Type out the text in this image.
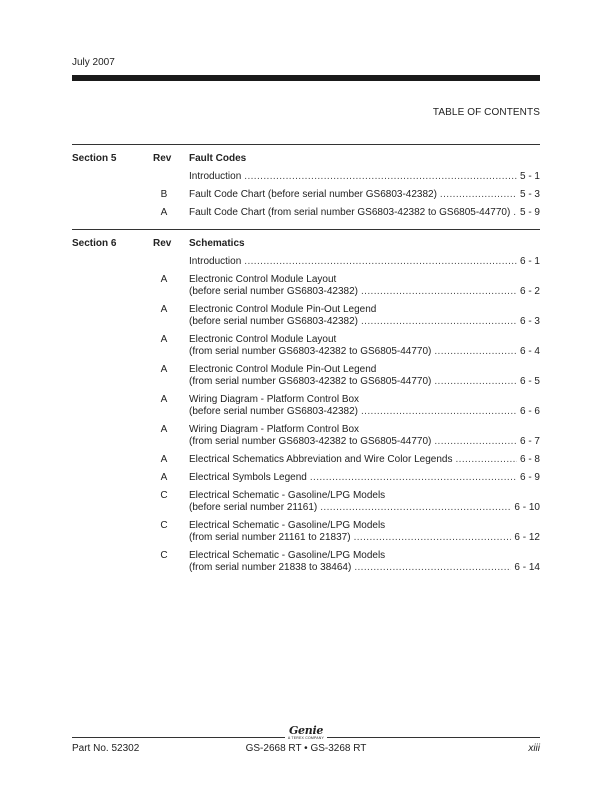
July 2007
TABLE OF CONTENTS
Section 5	Rev Fault Codes
Introduction .....	5 - 1
B Fault Code Chart (before serial number GS6803-42382) .....	5 - 3
A Fault Code Chart (from serial number GS6803-42382 to GS6805-44770) ..... 5 - 9
Section 6	Rev Schematics
Introduction .....	6 - 1
A Electronic Control Module Layout
(before serial number GS6803-42382) .....	6 - 2
A Electronic Control Module Pin-Out Legend
(before serial number GS6803-42382) .....	6 - 3
A Electronic Control Module Layout
(from serial number GS6803-42382 to GS6805-44770) .....	6 - 4
A Electronic Control Module Pin-Out Legend
(from serial number GS6803-42382 to GS6805-44770) .....	6 - 5
A Wiring Diagram - Platform Control Box
(before serial number GS6803-42382) .....	6 - 6
A Wiring Diagram - Platform Control Box
(from serial number GS6803-42382 to GS6805-44770) .....	6 - 7
A Electrical Schematics Abbreviation and Wire Color Legends .....	6 - 8
A Electrical Symbols Legend .....	6 - 9
C Electrical Schematic - Gasoline/LPG Models
(before serial number 21161) .....	6 - 10
C Electrical Schematic - Gasoline/LPG Models
(from serial number 21161 to 21837) .....	6 - 12
C Electrical Schematic - Gasoline/LPG Models
(from serial number 21838 to 38464) .....	6 - 14
Genie
A TEREX COMPANY
Part No. 52302	GS-2668 RT • GS-3268 RT	xiii
